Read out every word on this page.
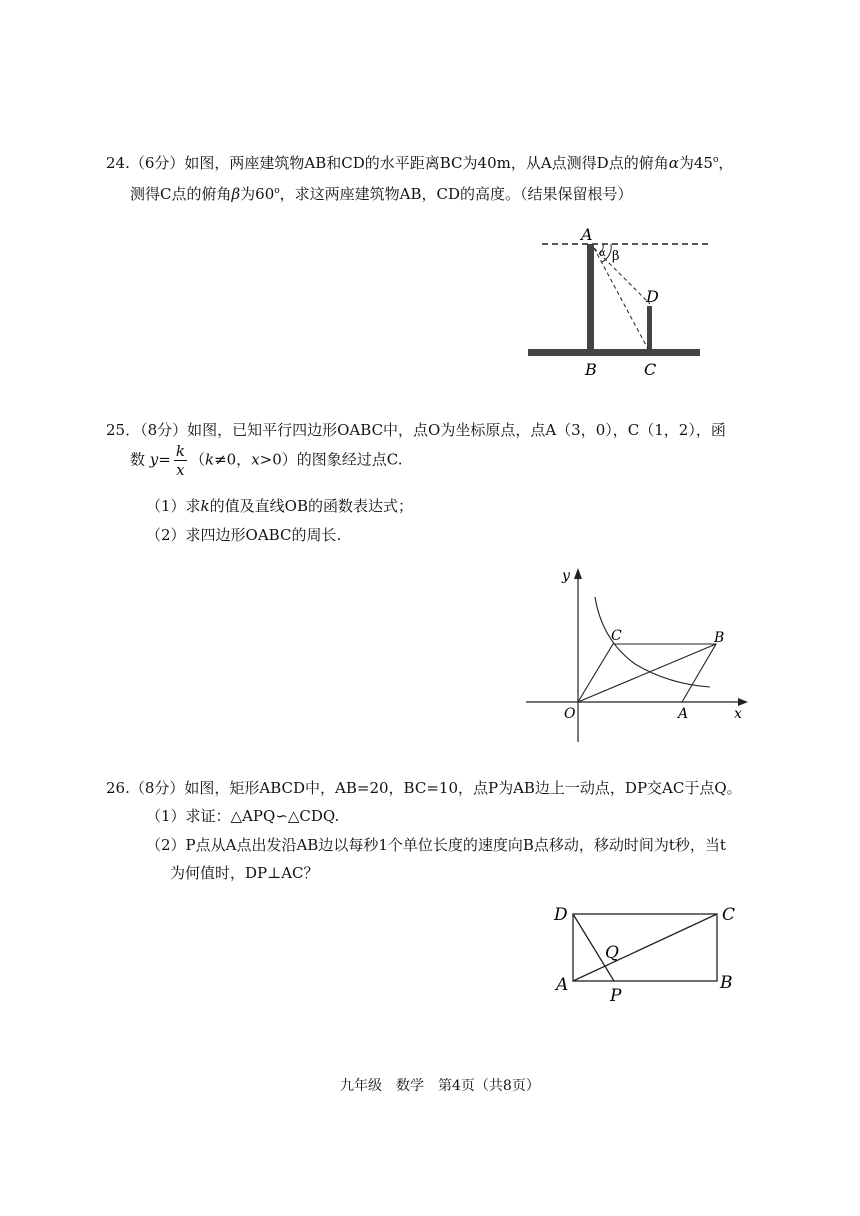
24.（6分）如图，两座建筑物AB和CD的水平距离BC为40m，从A点测得D点的俯角α为45$^o$，
测得C点的俯角β为60$^o$，求这两座建筑物AB，CD的高度。（结果保留根号）
A
α β
D
B	C
25．（8分）如图，已知平行四边形OABC中，点O为坐标原点，点A（3，0），C（1，2），函
数 $y= \frac{k}{x} (k\ne 0$，x>0）的图象经过点C.
（1）求k的值及直线OB的函数表达式；
（2）求四边形OABC的周长.
y
x
O	A
B
C
26.（8分）如图，矩形ABCD中，AB=20，BC=10，点P为AB边上一动点，DP交AC于点Q。
（1）求证：△APQ∽△CDQ.
（2）P点从A点出发沿AB边以每秒1个单位长度的速度向B点移动，移动时间为t秒，当t
为何值时，DP⊥AC？
D	C
A	B
Q
P
九年级　数学　第4页（共8页）
